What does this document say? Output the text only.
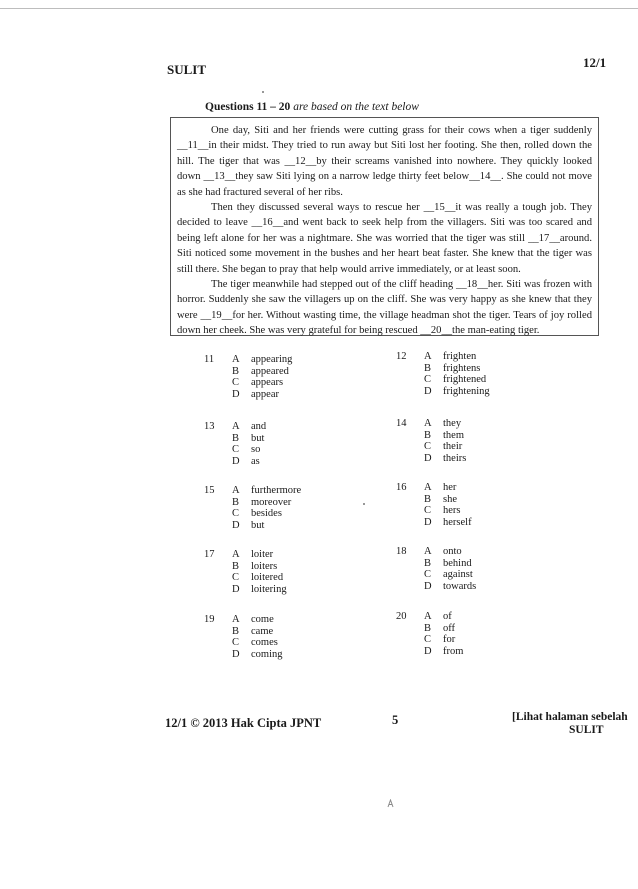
SULIT	12/1
Questions 11 – 20 are based on the text below

One day, Siti and her friends were cutting grass for their cows when a tiger suddenly __11__in their midst. They tried to run away but Siti lost her footing. She then, rolled down the hill. The tiger that was __12__by their screams vanished into nowhere. They quickly looked down __13__they saw Siti lying on a narrow ledge thirty feet below__14__. She could not move as she had fractured several of her ribs.

Then they discussed several ways to rescue her __15__it was really a tough job. They decided to leave __16__and went back to seek help from the villagers. Siti was too scared and being left alone for her was a nightmare. She was worried that the tiger was still __17__around. Siti noticed some movement in the bushes and her heart beat faster. She knew that the tiger was still there. She began to pray that help would arrive immediately, or at least soon.

The tiger meanwhile had stepped out of the cliff heading __18__her. Siti was frozen with horror. Suddenly she saw the villagers up on the cliff. She was very happy as she knew that they were __19__for her. Without wasting time, the village headman shot the tiger. Tears of joy rolled down her cheek. She was very grateful for being rescued __20__the man-eating tiger.

11 A appearing
B appeared
C appears
D appear
12 A frighten
B frightens
C frightened
D frightening
13 A and
B but
C so
D as
14 A they
B them
C their
D theirs
15 A furthermore
B moreover
C besides
D but
16 A her
B she
C hers
D herself
17 A loiter
B loiters
C loitered
D loitering
18 A onto
B behind
C against
D towards
19 A come
B came
C comes
D coming
20 A of
B off
C for
D from
12/1 © 2013 Hak Cipta JPNT	5	[Lihat halaman sebelah
SULIT
